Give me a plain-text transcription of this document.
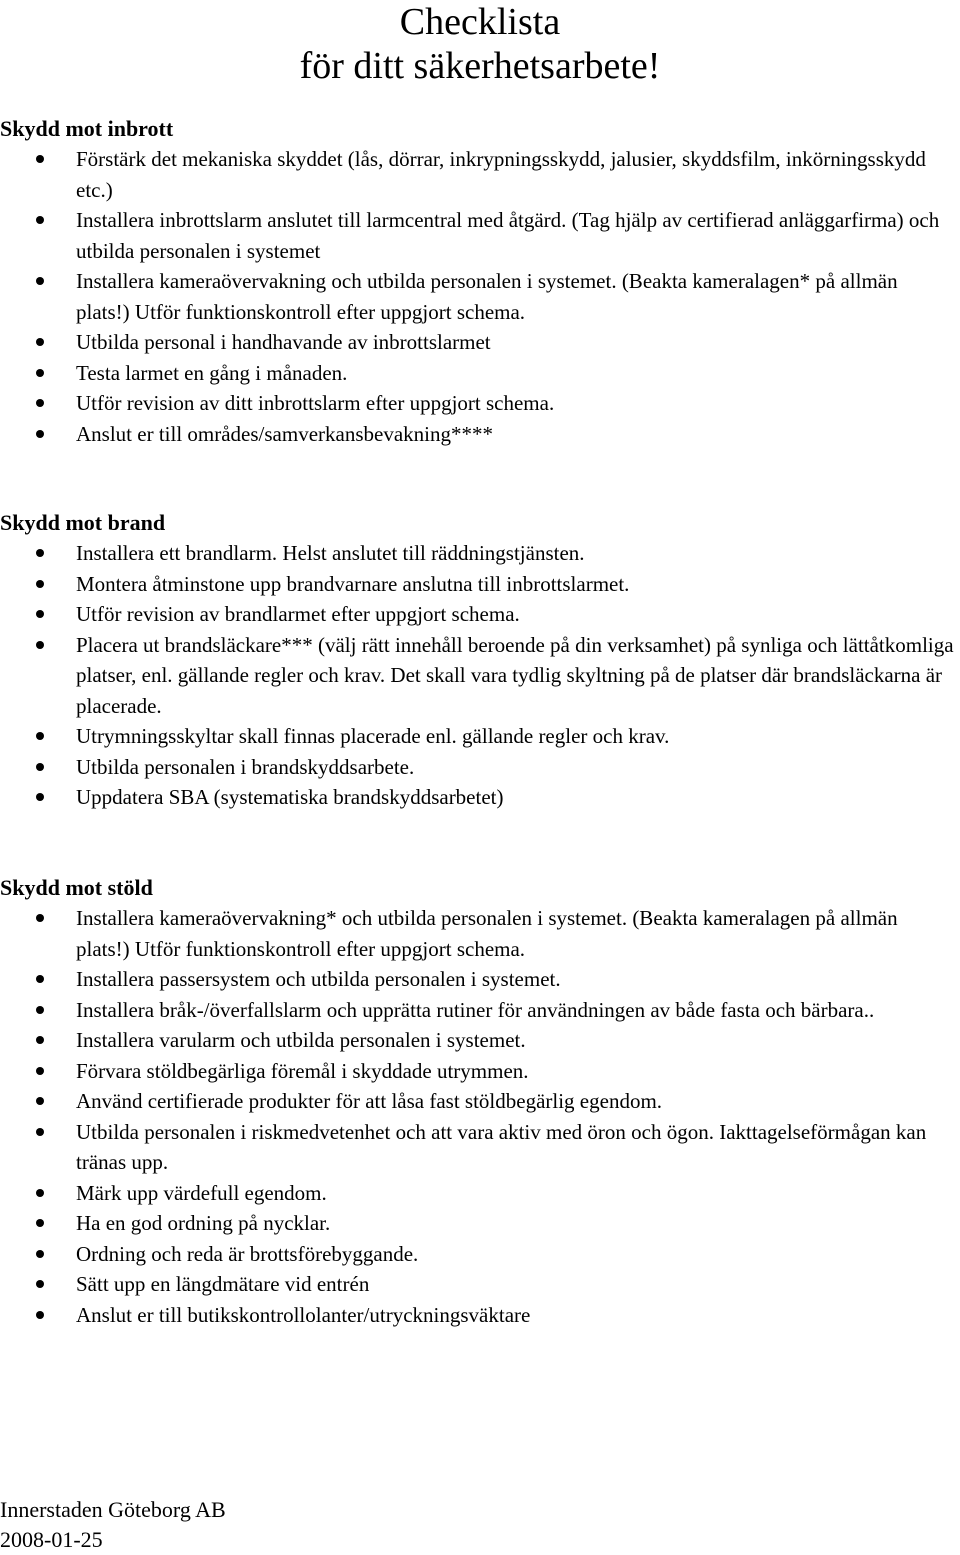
Checklista
för ditt säkerhetsarbete!
Skydd mot inbrott
Förstärk det mekaniska skyddet (lås, dörrar, inkrypningsskydd, jalusier, skyddsfilm, inkörningsskydd etc.)
Installera inbrottslarm anslutet till larmcentral med åtgärd. (Tag hjälp av certifierad anläggarfirma) och utbilda personalen i systemet
Installera kameraövervakning och utbilda personalen i systemet. (Beakta kameralagen* på allmän plats!) Utför funktionskontroll efter uppgjort schema.
Utbilda personal i handhavande av inbrottslarmet
Testa larmet en gång i månaden.
Utför revision av ditt inbrottslarm efter uppgjort schema.
Anslut er till områdes/samverkansbevakning****
Skydd mot brand
Installera ett brandlarm. Helst anslutet till räddningstjänsten.
Montera åtminstone upp brandvarnare anslutna till inbrottslarmet.
Utför revision av brandlarmet efter uppgjort schema.
Placera ut brandsläckare*** (välj rätt innehåll beroende på din verksamhet) på synliga och lättåtkomliga platser, enl. gällande regler och krav. Det skall vara tydlig skyltning på de platser där brandsläckarna är placerade.
Utrymningsskyltar skall finnas placerade enl. gällande regler och krav.
Utbilda personalen i brandskyddsarbete.
Uppdatera SBA (systematiska brandskyddsarbetet)
Skydd mot stöld
Installera kameraövervakning* och utbilda personalen i systemet. (Beakta kameralagen på allmän plats!) Utför funktionskontroll efter uppgjort schema.
Installera passersystem och utbilda personalen i systemet.
Installera bråk-/överfallslarm och upprätta rutiner för användningen av både fasta och bärbara..
Installera varularm och utbilda personalen i systemet.
Förvara stöldbegärliga föremål i skyddade utrymmen.
Använd certifierade produkter för att låsa fast stöldbegärlig egendom.
Utbilda personalen i riskmedvetenhet och att vara aktiv med öron och ögon. Iakttagelseförmågan kan tränas upp.
Märk upp värdefull egendom.
Ha en god ordning på nycklar.
Ordning och reda är brottsförebyggande.
Sätt upp en längdmätare vid entrén
Anslut er till butikskontrollolanter/utryckningsväktare
Innerstaden Göteborg AB
2008-01-25
